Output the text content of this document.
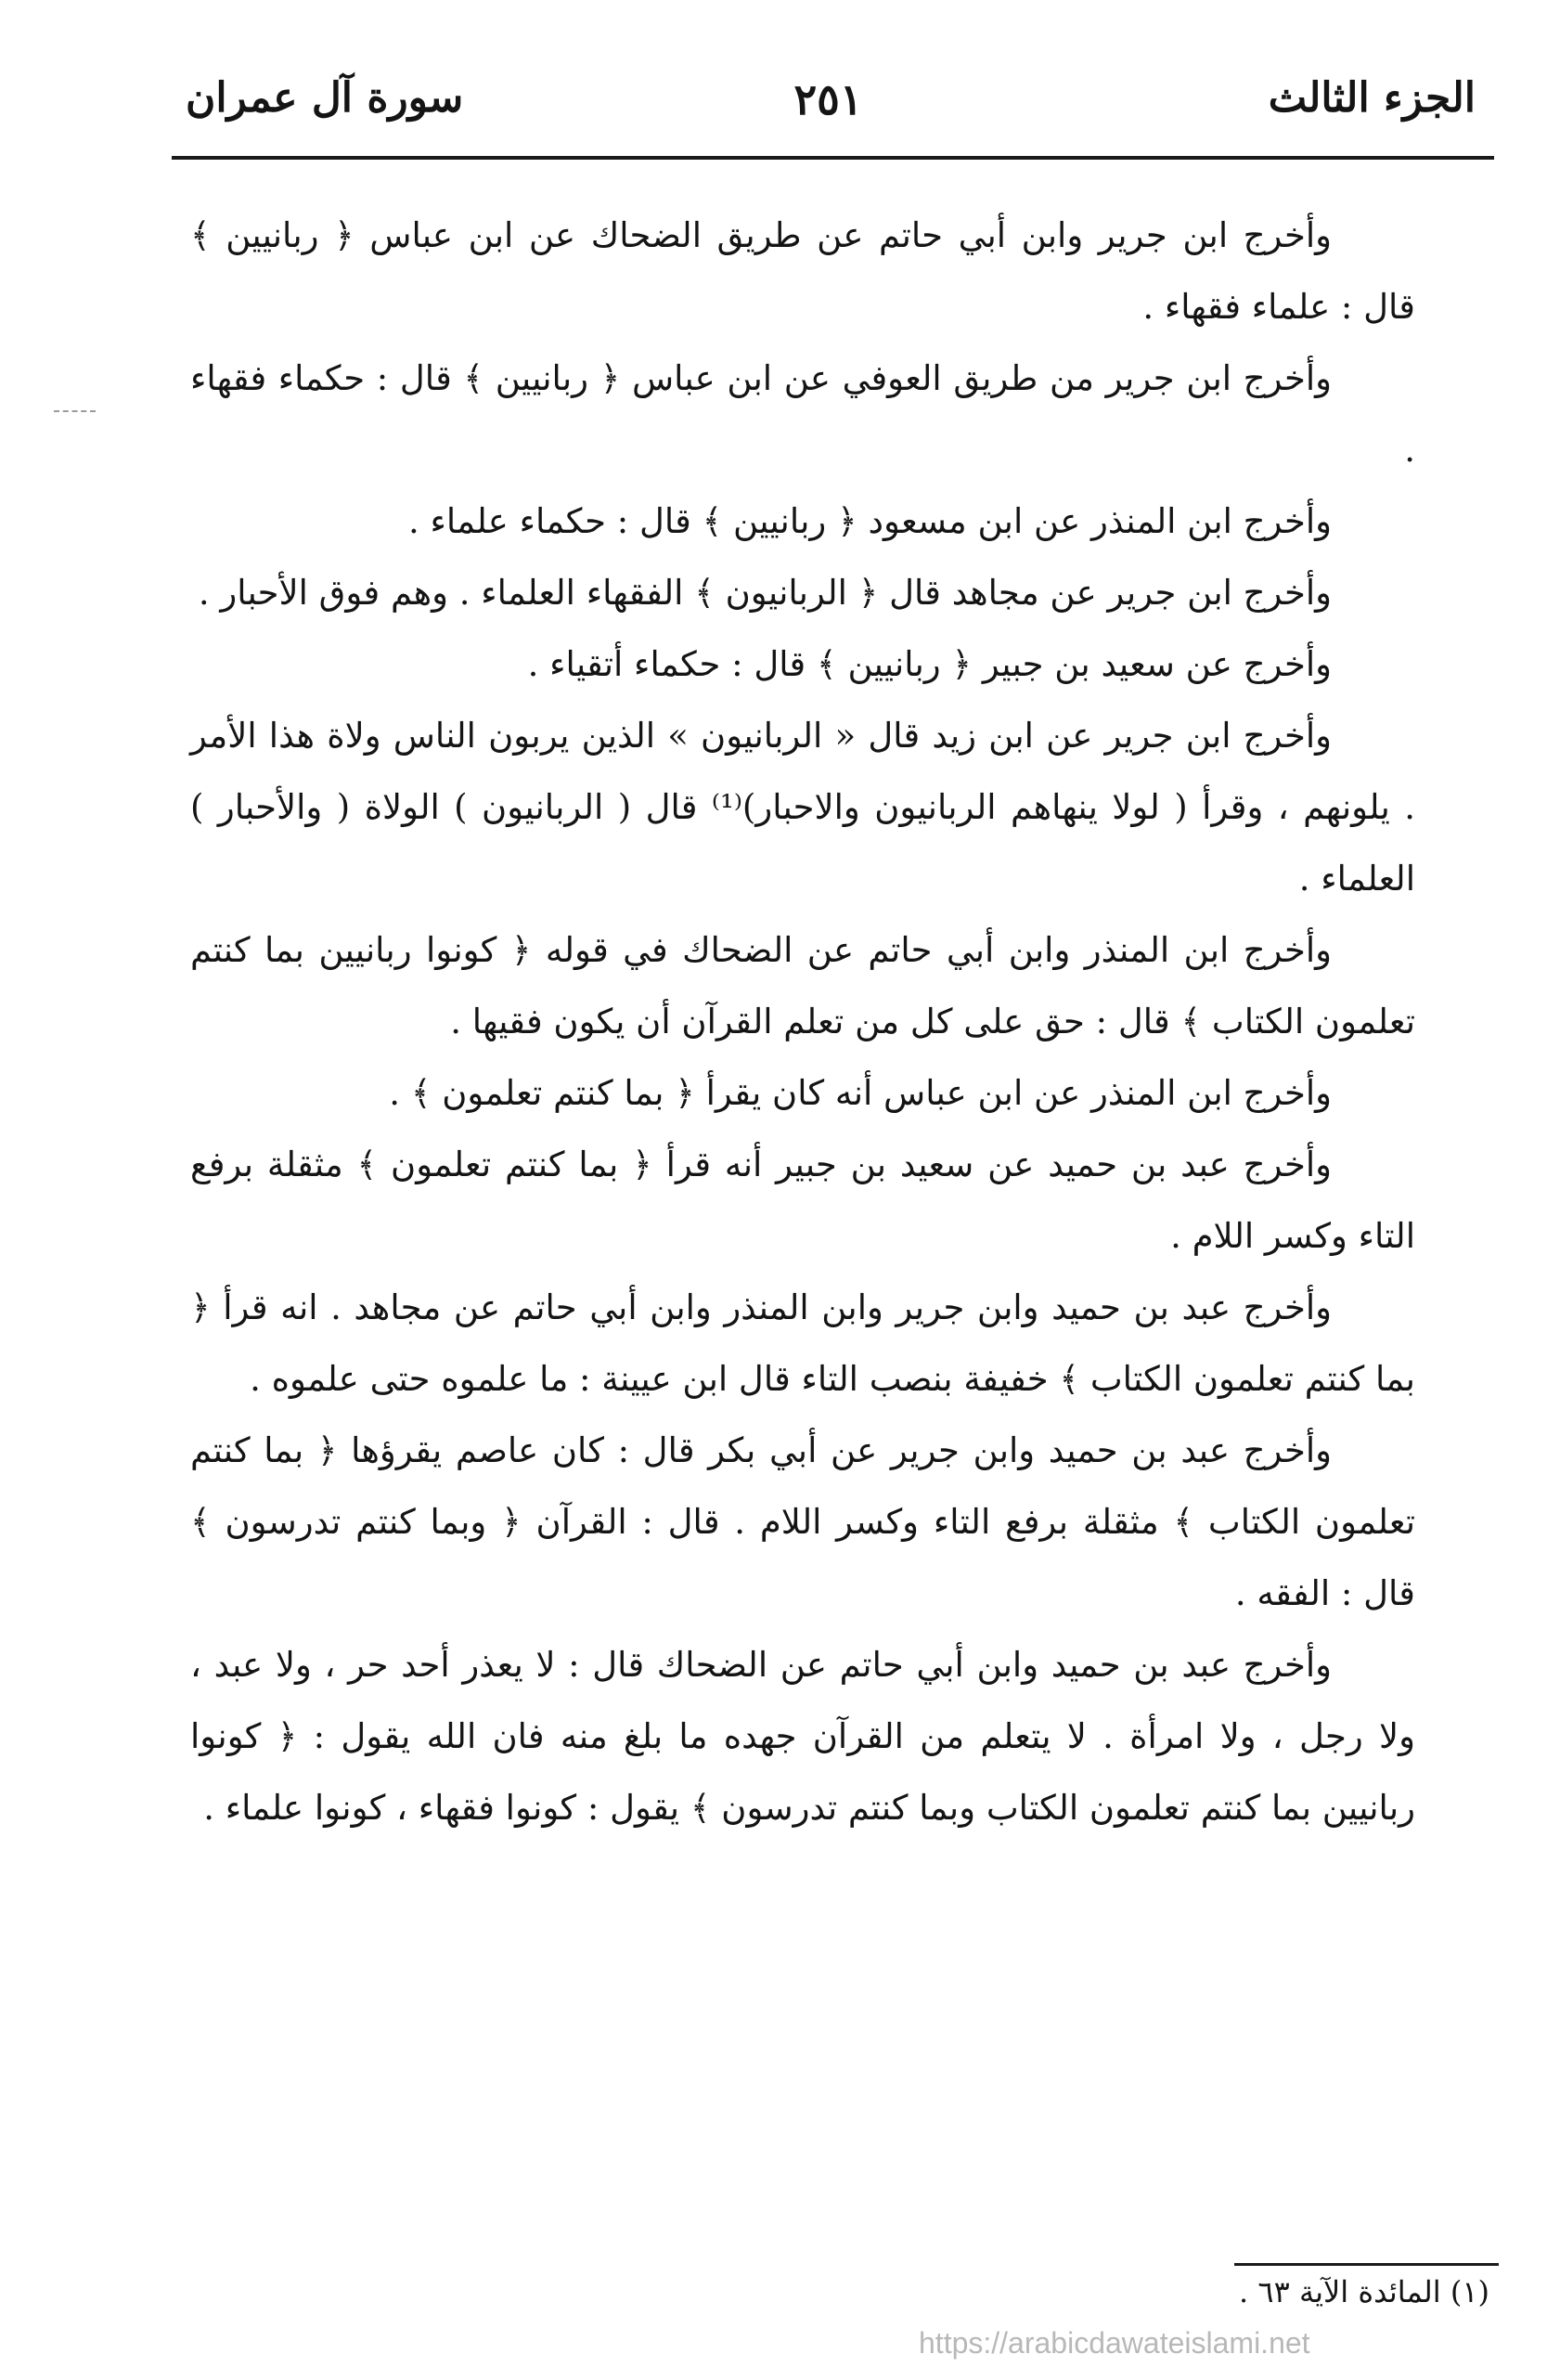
الجزء الثالث
٢٥١
سورة آل عمران

وأخرج ابن جرير وابن أبي حاتم عن طريق الضحاك عن ابن عباس ﴿ ربانيين ﴾ قال : علماء فقهاء .

وأخرج ابن جرير من طريق العوفي عن ابن عباس ﴿ ربانيين ﴾ قال : حكماء فقهاء .

وأخرج ابن المنذر عن ابن مسعود ﴿ ربانيين ﴾ قال : حكماء علماء .

وأخرج ابن جرير عن مجاهد قال ﴿ الربانيون ﴾ الفقهاء العلماء . وهم فوق الأحبار .

وأخرج عن سعيد بن جبير ﴿ ربانيين ﴾ قال : حكماء أتقياء .

وأخرج ابن جرير عن ابن زيد قال « الربانيون » الذين يربون الناس ولاة هذا الأمر . يلونهم ، وقرأ ( لولا ينهاهم الربانيون والاحبار)⁽¹⁾ قال ( الربانيون ) الولاة ( والأحبار ) العلماء .

وأخرج ابن المنذر وابن أبي حاتم عن الضحاك في قوله ﴿ كونوا ربانيين بما كنتم تعلمون الكتاب ﴾ قال : حق على كل من تعلم القرآن أن يكون فقيها .

وأخرج ابن المنذر عن ابن عباس أنه كان يقرأ ﴿ بما كنتم تعلمون ﴾ .

وأخرج عبد بن حميد عن سعيد بن جبير أنه قرأ ﴿ بما كنتم تعلمون ﴾ مثقلة برفع التاء وكسر اللام .

وأخرج عبد بن حميد وابن جرير وابن المنذر وابن أبي حاتم عن مجاهد . انه قرأ ﴿ بما كنتم تعلمون الكتاب ﴾ خفيفة بنصب التاء قال ابن عيينة : ما علموه حتى علموه .

وأخرج عبد بن حميد وابن جرير عن أبي بكر قال : كان عاصم يقرؤها ﴿ بما كنتم تعلمون الكتاب ﴾ مثقلة برفع التاء وكسر اللام . قال : القرآن ﴿ وبما كنتم تدرسون ﴾ قال : الفقه .

وأخرج عبد بن حميد وابن أبي حاتم عن الضحاك قال : لا يعذر أحد حر ، ولا عبد ، ولا رجل ، ولا امرأة . لا يتعلم من القرآن جهده ما بلغ منه فان الله يقول : ﴿ كونوا ربانيين بما كنتم تعلمون الكتاب وبما كنتم تدرسون ﴾ يقول : كونوا فقهاء ، كونوا علماء .

(١) المائدة الآية ٦٣ .
https://arabicdawateislami.net
